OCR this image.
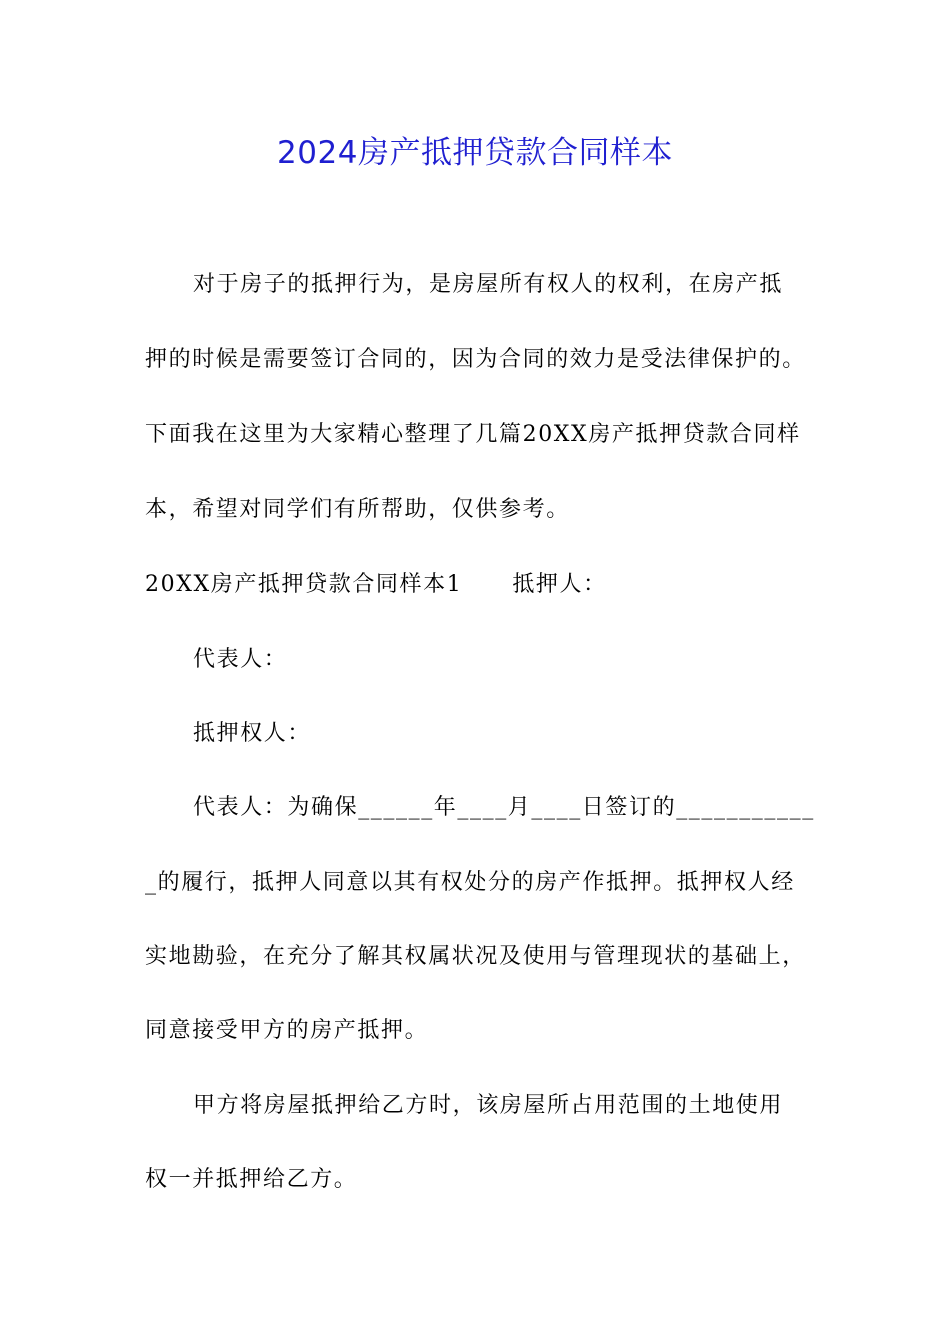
2024房产抵押贷款合同样本
对于房子的抵押行为，是房屋所有权人的权利，在房产抵
押的时候是需要签订合同的，因为合同的效力是受法律保护的。
下面我在这里为大家精心整理了几篇20XX房产抵押贷款合同样
本，希望对同学们有所帮助，仅供参考。
20XX房产抵押贷款合同样本1 抵押人：
代表人：
抵押权人：
代表人：为确保______年____月____日签订的___________
_的履行，抵押人同意以其有权处分的房产作抵押。抵押权人经
实地勘验，在充分了解其权属状况及使用与管理现状的基础上，
同意接受甲方的房产抵押。
甲方将房屋抵押给乙方时，该房屋所占用范围的土地使用
权一并抵押给乙方。
